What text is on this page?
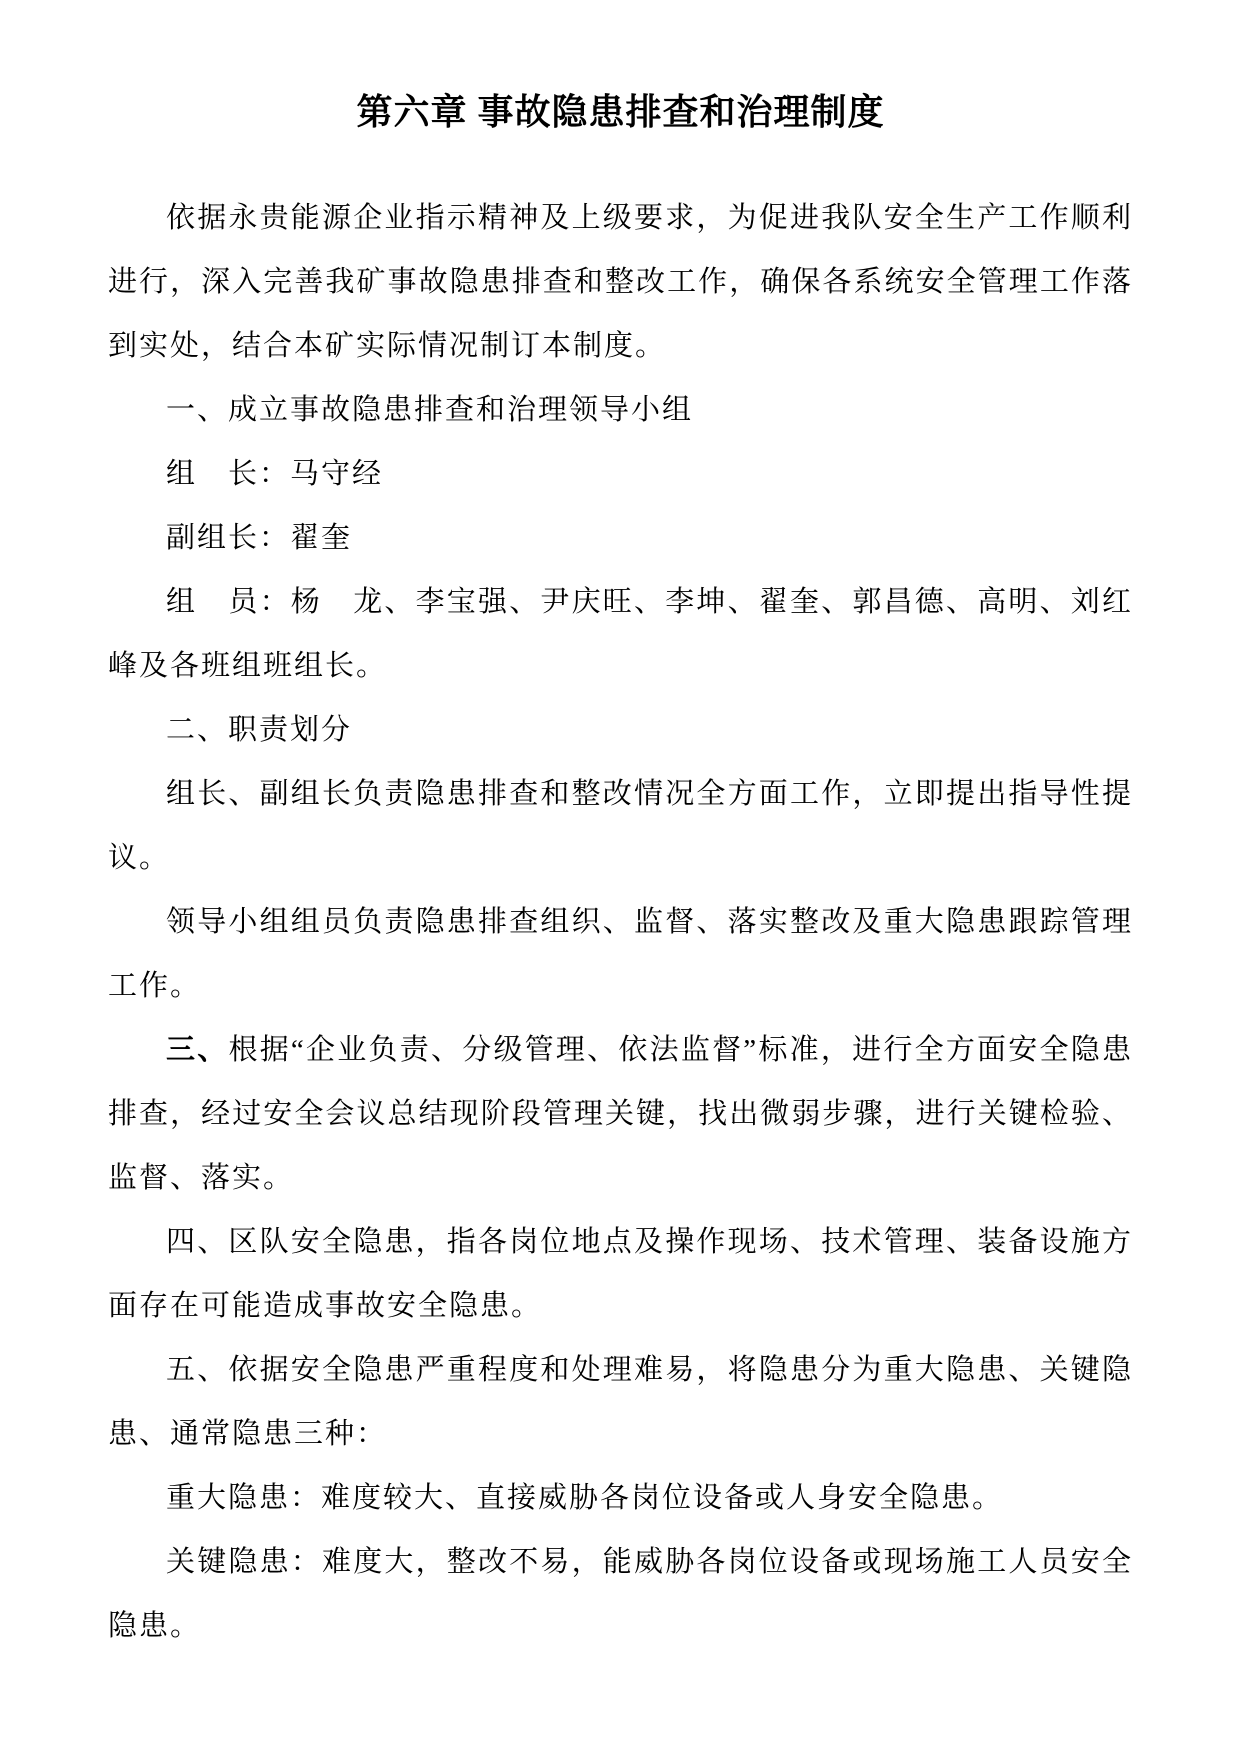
第六章 事故隐患排查和治理制度

依据永贵能源企业指示精神及上级要求，为促进我队安全生产工作顺利进行，深入完善我矿事故隐患排查和整改工作，确保各系统安全管理工作落到实处，结合本矿实际情况制订本制度。

一、成立事故隐患排查和治理领导小组

组　长：马守经

副组长：翟奎

组　员：杨　龙、李宝强、尹庆旺、李坤、翟奎、郭昌德、高明、刘红峰及各班组班组长。

二、职责划分

组长、副组长负责隐患排查和整改情况全方面工作，立即提出指导性提议。

领导小组组员负责隐患排查组织、监督、落实整改及重大隐患跟踪管理工作。

三、根据“企业负责、分级管理、依法监督”标准，进行全方面安全隐患排查，经过安全会议总结现阶段管理关键，找出微弱步骤，进行关键检验、监督、落实。

四、区队安全隐患，指各岗位地点及操作现场、技术管理、装备设施方面存在可能造成事故安全隐患。

五、依据安全隐患严重程度和处理难易，将隐患分为重大隐患、关键隐患、通常隐患三种：

重大隐患：难度较大、直接威胁各岗位设备或人身安全隐患。

关键隐患：难度大，整改不易，能威胁各岗位设备或现场施工人员安全隐患。
